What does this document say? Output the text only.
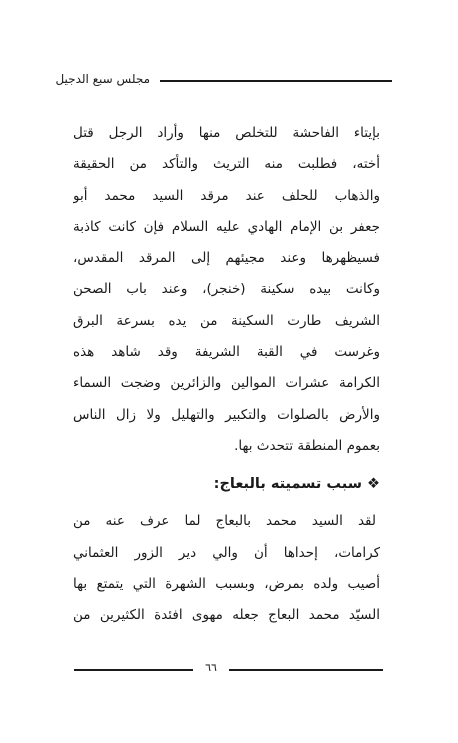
مجلس سبع الدجيل
بإيتاء الفاحشة للتخلص منها وأراد الرجل قتل
أخته، فطلبت منه التريث والتأكد من الحقيقة
والذهاب للحلف عند مرقد السيد محمد أبو
جعفر بن الإمام الهادي عليه السلام فإن كانت كاذبة
فسيظهرها وعند مجيئهم إلى المرقد المقدس،
وكانت بيده سكينة (خنجر)، وعند باب الصحن
الشريف طارت السكينة من يده بسرعة البرق
وغرست في القبة الشريفة وقد شاهد هذه
الكرامة عشرات الموالين والزائرين وضجت السماء
والأرض بالصلوات والتكبير والتهليل ولا زال الناس
بعموم المنطقة تتحدث بها.
❖ سبب تسميته بالبعاج:
لقد السيد محمد بالبعاج لما عرف عنه من
كرامات، إحداها أن والي دير الزور العثماني
أصيب ولده بمرض، وبسبب الشهرة التي يتمتع بها
السيّد محمد البعاج جعله مهوى افئدة الكثيرين من
٦٦
